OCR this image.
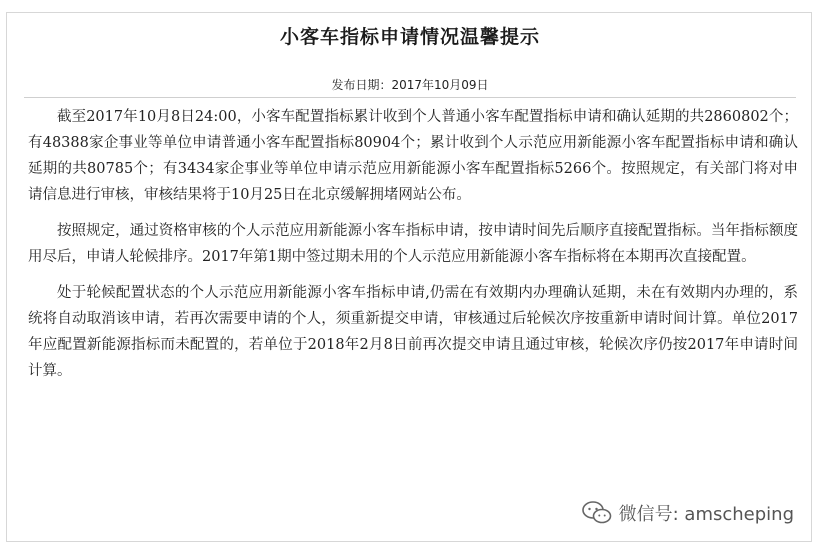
小客车指标申请情况温馨提示
发布日期：2017年10月09日

截至2017年10月8日24:00，小客车配置指标累计收到个人普通小客车配置指标申请和确认延期的共2860802个；有48388家企事业等单位申请普通小客车配置指标80904个；累计收到个人示范应用新能源小客车配置指标申请和确认延期的共80785个；有3434家企事业等单位申请示范应用新能源小客车配置指标5266个。按照规定，有关部门将对申请信息进行审核，审核结果将于10月25日在北京缓解拥堵网站公布。

按照规定，通过资格审核的个人示范应用新能源小客车指标申请，按申请时间先后顺序直接配置指标。当年指标额度用尽后，申请人轮候排序。2017年第1期中签过期未用的个人示范应用新能源小客车指标将在本期再次直接配置。

处于轮候配置状态的个人示范应用新能源小客车指标申请,仍需在有效期内办理确认延期，未在有效期内办理的，系统将自动取消该申请，若再次需要申请的个人，须重新提交申请，审核通过后轮候次序按重新申请时间计算。单位2017年应配置新能源指标而未配置的，若单位于2018年2月8日前再次提交申请且通过审核，轮候次序仍按2017年申请时间计算。

微信号: amscheping
